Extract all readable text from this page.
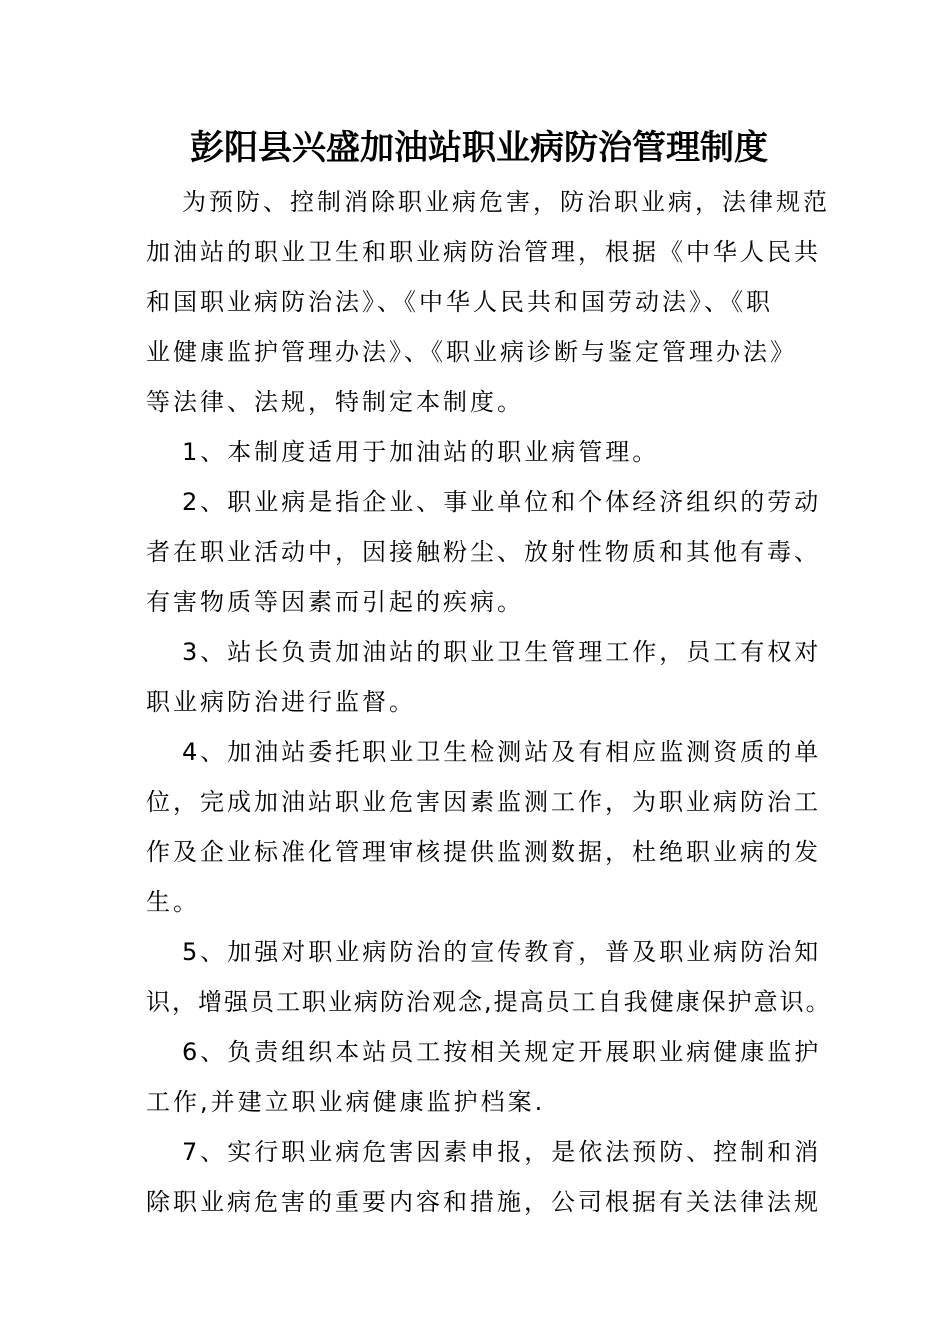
彭阳县兴盛加油站职业病防治管理制度
为预防、控制消除职业病危害，防治职业病，法律规范
加油站的职业卫生和职业病防治管理，根据《中华人民共
和国职业病防治法》、《中华人民共和国劳动法》、《职
业健康监护管理办法》、《职业病诊断与鉴定管理办法》
等法律、法规，特制定本制度。
1、本制度适用于加油站的职业病管理。
2、职业病是指企业、事业单位和个体经济组织的劳动
者在职业活动中，因接触粉尘、放射性物质和其他有毒、
有害物质等因素而引起的疾病。
3、站长负责加油站的职业卫生管理工作，员工有权对
职业病防治进行监督。
4、加油站委托职业卫生检测站及有相应监测资质的单
位，完成加油站职业危害因素监测工作，为职业病防治工
作及企业标准化管理审核提供监测数据，杜绝职业病的发
生。
5、加强对职业病防治的宣传教育，普及职业病防治知
识，增强员工职业病防治观念,提高员工自我健康保护意识。
6、负责组织本站员工按相关规定开展职业病健康监护
工作,并建立职业病健康监护档案.
7、实行职业病危害因素申报，是依法预防、控制和消
除职业病危害的重要内容和措施，公司根据有关法律法规
